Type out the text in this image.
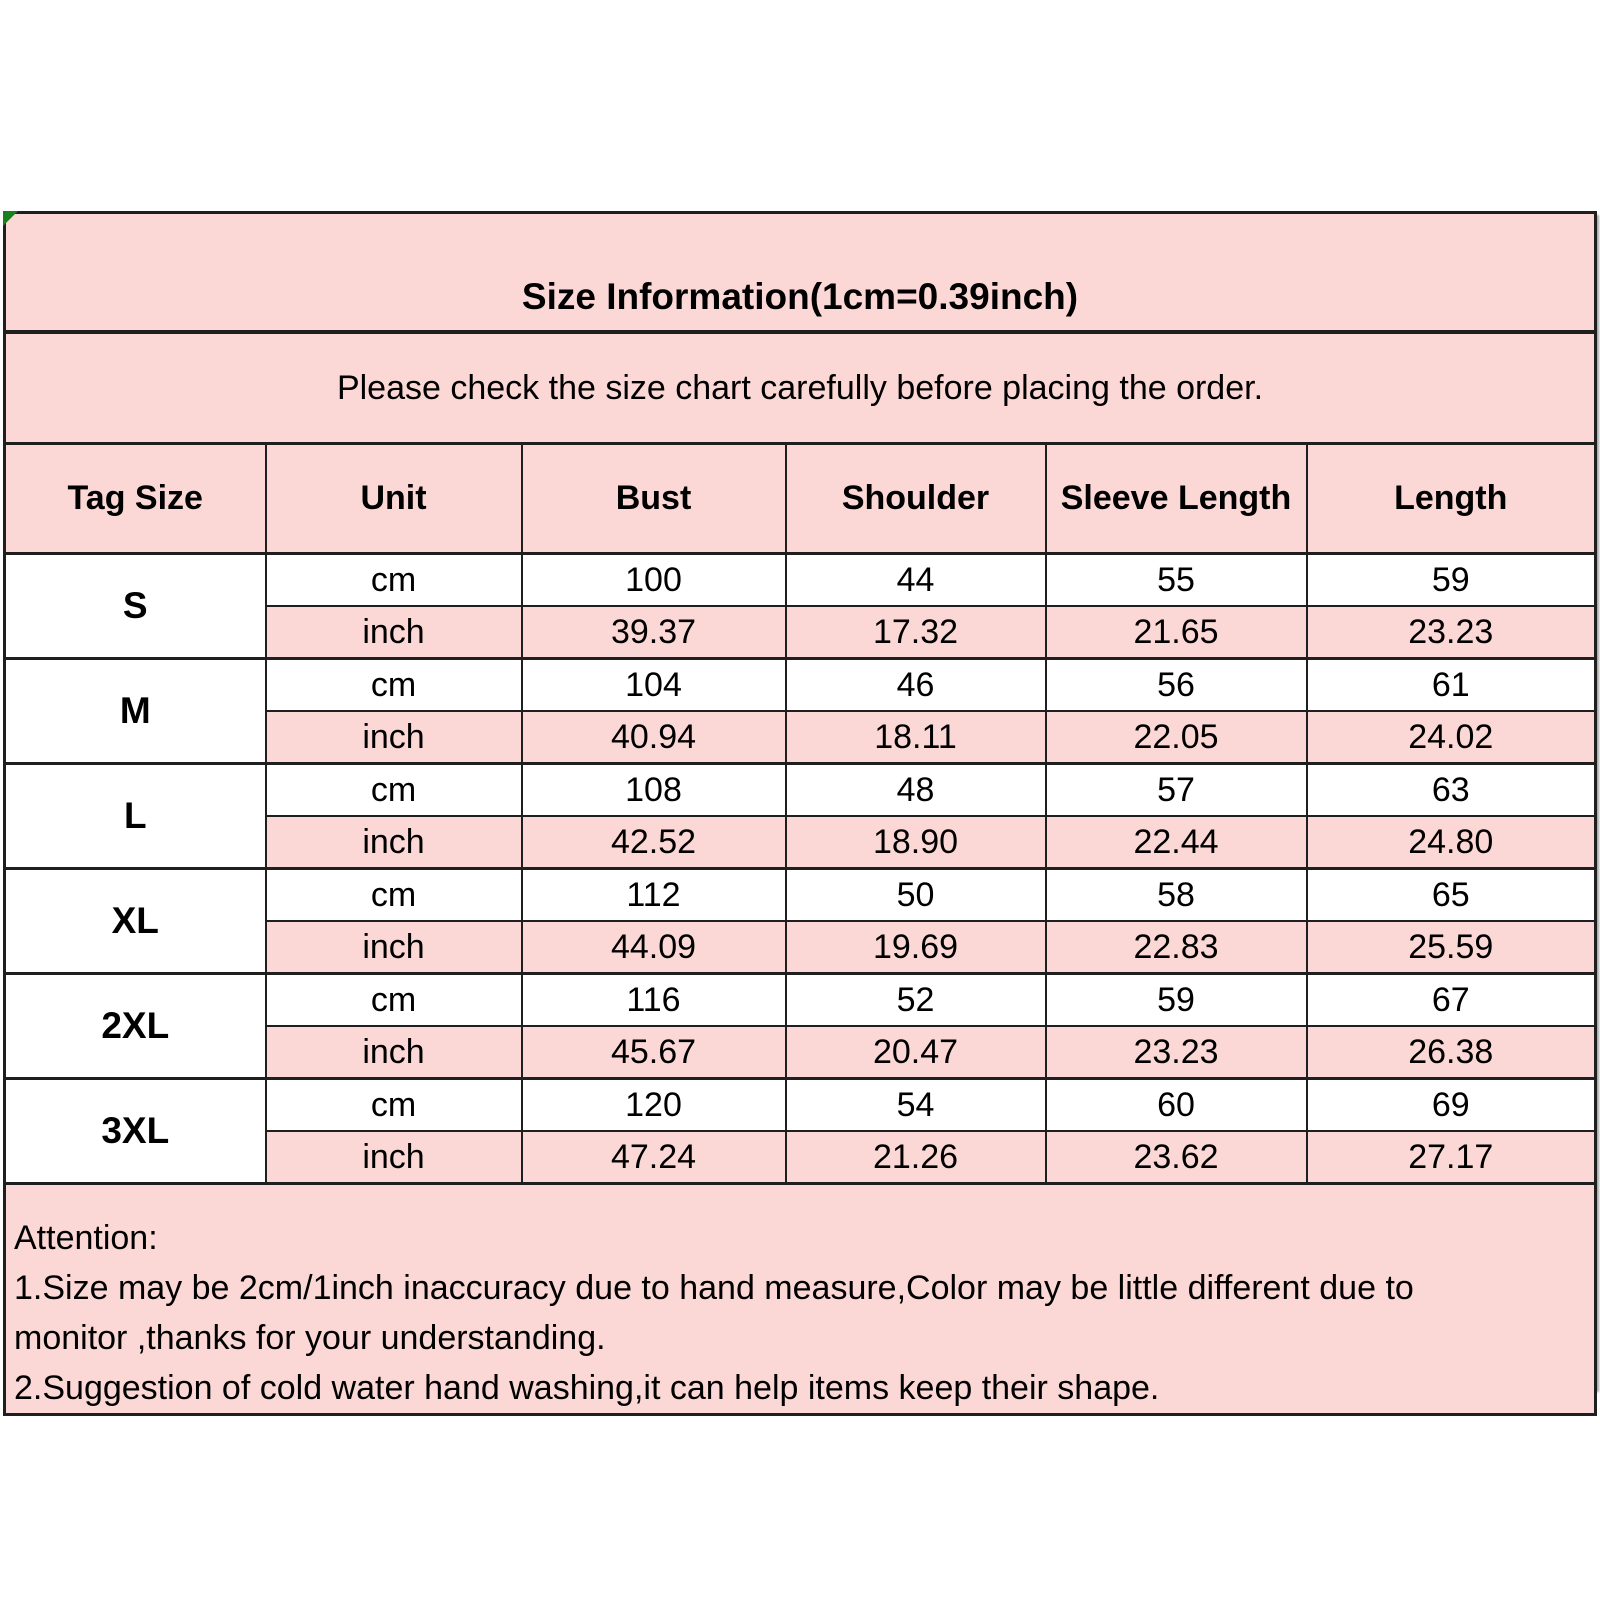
Size Information(1cm=0.39inch)					
Please check the size chart carefully before placing the order.					
Tag Size	Unit	Bust	Shoulder	Sleeve Length	Length
S	cm	100	44	55	59
	inch	39.37	17.32	21.65	23.23
M	cm	104	46	56	61
	inch	40.94	18.11	22.05	24.02
L	cm	108	48	57	63
	inch	42.52	18.90	22.44	24.80
XL	cm	112	50	58	65
	inch	44.09	19.69	22.83	25.59
2XL	cm	116	52	59	67
	inch	45.67	20.47	23.23	26.38
3XL	cm	120	54	60	69
	inch	47.24	21.26	23.62	27.17

Attention:
1.Size may be 2cm/1inch inaccuracy due to hand measure,Color may be little different due to
monitor ,thanks for your understanding.
2.Suggestion of cold water hand washing,it can help items keep their shape.					
